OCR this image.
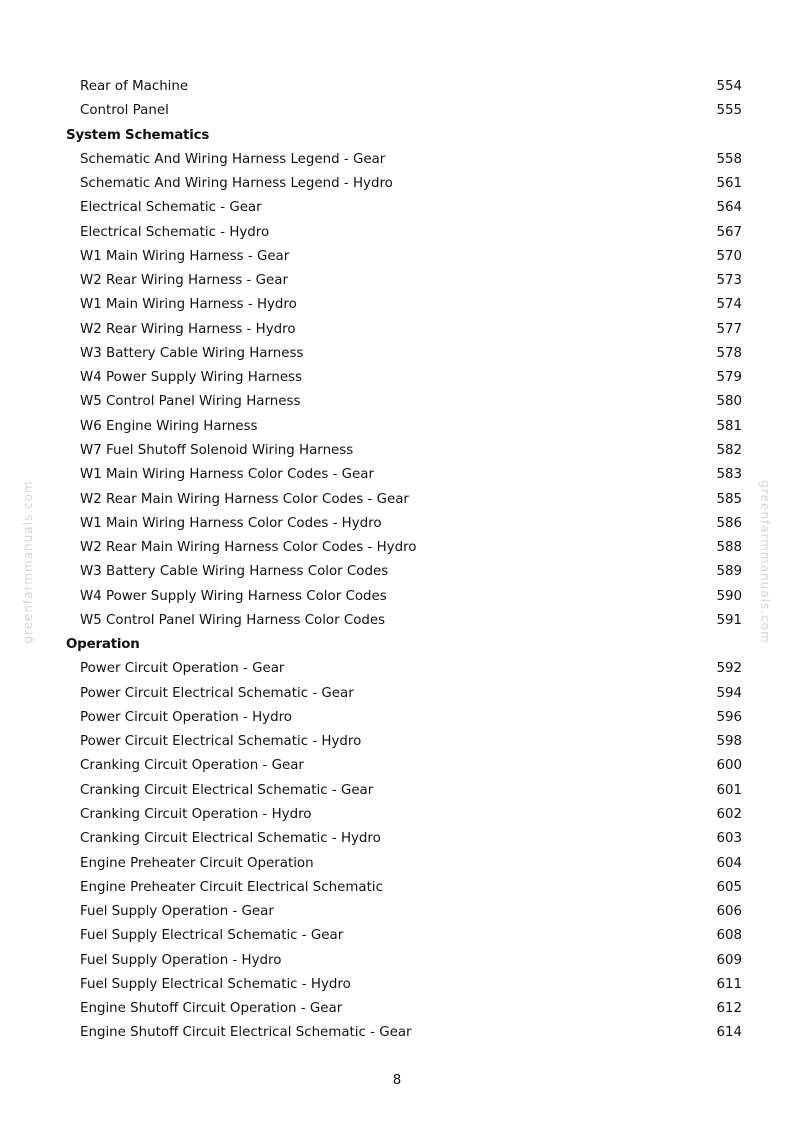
greenfarmmanuals.com	greenfarmmanuals.com
Rear of Machine	554
Control Panel	555
System Schematics
Schematic And Wiring Harness Legend - Gear	558
Schematic And Wiring Harness Legend - Hydro	561
Electrical Schematic - Gear	564
Electrical Schematic - Hydro	567
W1 Main Wiring Harness - Gear	570
W2 Rear Wiring Harness - Gear	573
W1 Main Wiring Harness - Hydro	574
W2 Rear Wiring Harness - Hydro	577
W3 Battery Cable Wiring Harness	578
W4 Power Supply Wiring Harness	579
W5 Control Panel Wiring Harness	580
W6 Engine Wiring Harness	581
W7 Fuel Shutoff Solenoid Wiring Harness	582
W1 Main Wiring Harness Color Codes - Gear	583
W2 Rear Main Wiring Harness Color Codes - Gear	585
W1 Main Wiring Harness Color Codes - Hydro	586
W2 Rear Main Wiring Harness Color Codes - Hydro	588
W3 Battery Cable Wiring Harness Color Codes	589
W4 Power Supply Wiring Harness Color Codes	590
W5 Control Panel Wiring Harness Color Codes	591
Operation
Power Circuit Operation - Gear	592
Power Circuit Electrical Schematic - Gear	594
Power Circuit Operation - Hydro	596
Power Circuit Electrical Schematic - Hydro	598
Cranking Circuit Operation - Gear	600
Cranking Circuit Electrical Schematic - Gear	601
Cranking Circuit Operation - Hydro	602
Cranking Circuit Electrical Schematic - Hydro	603
Engine Preheater Circuit Operation	604
Engine Preheater Circuit Electrical Schematic	605
Fuel Supply Operation - Gear	606
Fuel Supply Electrical Schematic - Gear	608
Fuel Supply Operation - Hydro	609
Fuel Supply Electrical Schematic - Hydro	611
Engine Shutoff Circuit Operation - Gear	612
Engine Shutoff Circuit Electrical Schematic - Gear	614
8
